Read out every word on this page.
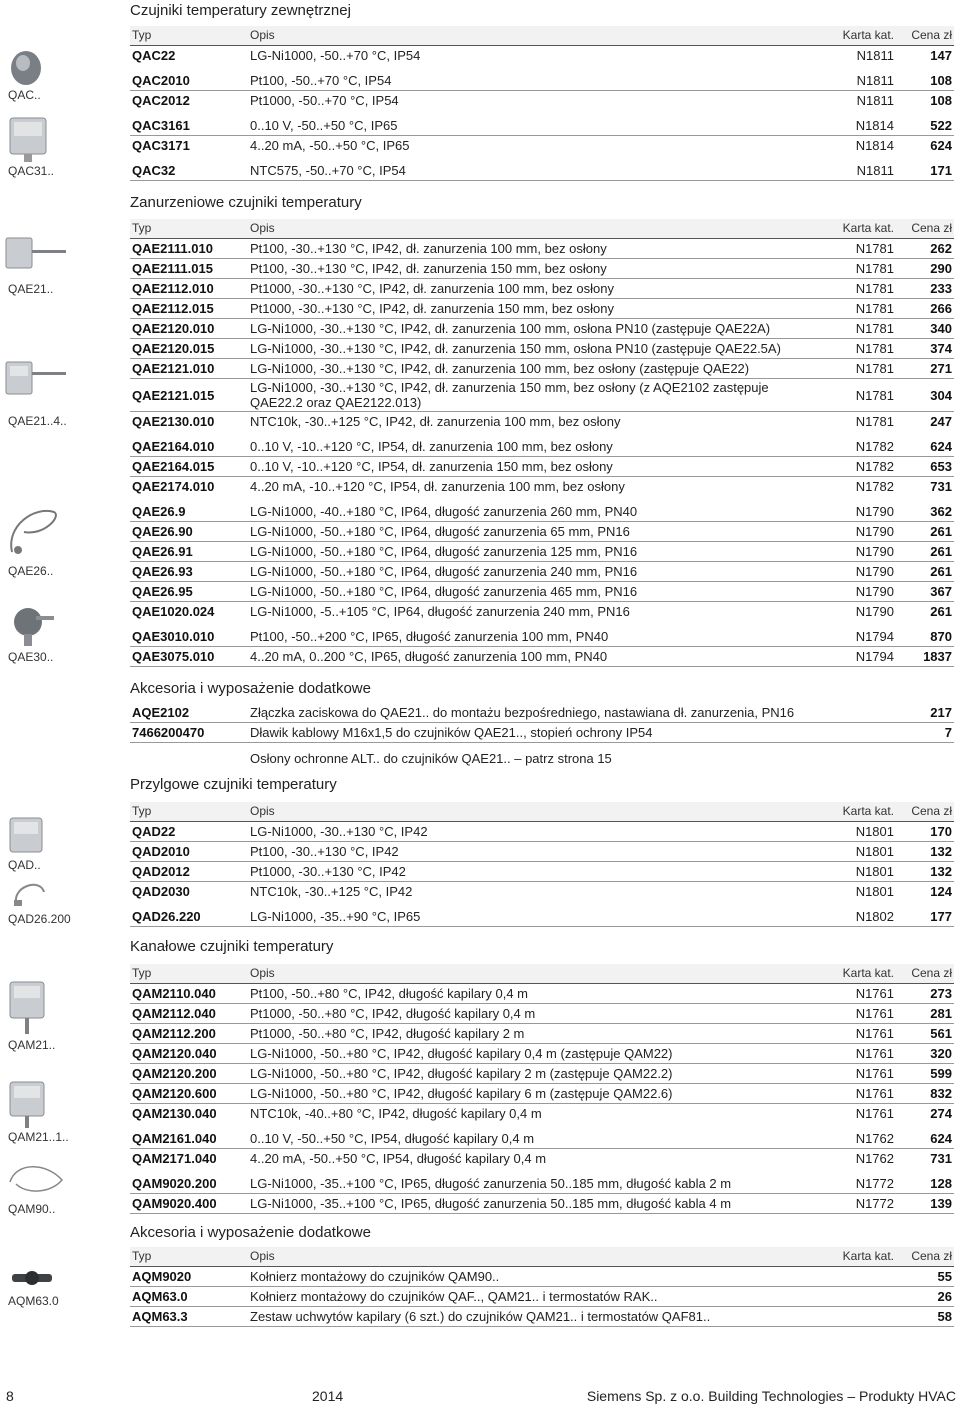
QAC..
QAC31..
QAE21..
QAE21..4..
QAE26..
QAE30..
QAD..
QAD26.200
QAM21..
QAM21..1..
QAM90..
AQM63.0
Czujniki temperatury zewnętrznej
Typ	Opis	Karta kat.	Cena zł
QAC22	LG-Ni1000, -50..+70 °C, IP54	N1811	147
QAC2010	Pt100, -50..+70 °C, IP54	N1811	108
QAC2012	Pt1000, -50..+70 °C, IP54	N1811	108
QAC3161	0..10 V, -50..+50 °C, IP65	N1814	522
QAC3171	4..20 mA, -50..+50 °C, IP65	N1814	624
QAC32	NTC575, -50..+70 °C, IP54	N1811	171
Zanurzeniowe czujniki temperatury
Typ	Opis	Karta kat.	Cena zł
QAE2111.010	Pt100, -30..+130 °C, IP42, dł. zanurzenia 100 mm, bez osłony	N1781	262
QAE2111.015	Pt100, -30..+130 °C, IP42, dł. zanurzenia 150 mm, bez osłony	N1781	290
QAE2112.010	Pt1000, -30..+130 °C, IP42, dł. zanurzenia 100 mm, bez osłony	N1781	233
QAE2112.015	Pt1000, -30..+130 °C, IP42, dł. zanurzenia 150 mm, bez osłony	N1781	266
QAE2120.010	LG-Ni1000, -30..+130 °C, IP42, dł. zanurzenia 100 mm, osłona PN10 (zastępuje QAE22A)	N1781	340
QAE2120.015	LG-Ni1000, -30..+130 °C, IP42, dł. zanurzenia 150 mm, osłona PN10 (zastępuje QAE22.5A)	N1781	374
QAE2121.010	LG-Ni1000, -30..+130 °C, IP42, dł. zanurzenia 100 mm, bez osłony (zastępuje QAE22)	N1781	271
QAE2121.015	LG-Ni1000, -30..+130 °C, IP42, dł. zanurzenia 150 mm, bez osłony (z AQE2102 zastępuje QAE22.2 oraz QAE2122.013)	N1781	304
QAE2130.010	NTC10k, -30..+125 °C, IP42, dł. zanurzenia 100 mm, bez osłony	N1781	247
QAE2164.010	0..10 V, -10..+120 °C, IP54, dł. zanurzenia 100 mm, bez osłony	N1782	624
QAE2164.015	0..10 V, -10..+120 °C, IP54, dł. zanurzenia 150 mm, bez osłony	N1782	653
QAE2174.010	4..20 mA, -10..+120 °C, IP54, dł. zanurzenia 100 mm, bez osłony	N1782	731
QAE26.9	LG-Ni1000, -40..+180 °C, IP64, długość zanurzenia 260 mm, PN40	N1790	362
QAE26.90	LG-Ni1000, -50..+180 °C, IP64, długość zanurzenia 65 mm, PN16	N1790	261
QAE26.91	LG-Ni1000, -50..+180 °C, IP64, długość zanurzenia 125 mm, PN16	N1790	261
QAE26.93	LG-Ni1000, -50..+180 °C, IP64, długość zanurzenia 240 mm, PN16	N1790	261
QAE26.95	LG-Ni1000, -50..+180 °C, IP64, długość zanurzenia 465 mm, PN16	N1790	367
QAE1020.024	LG-Ni1000, -5..+105 °C, IP64, długość zanurzenia 240 mm, PN16	N1790	261
QAE3010.010	Pt100, -50..+200 °C, IP65, długość zanurzenia 100 mm, PN40	N1794	870
QAE3075.010	4..20 mA, 0..200 °C, IP65, długość zanurzenia 100 mm, PN40	N1794	1837
Akcesoria i wyposażenie dodatkowe
AQE2102	Złączka zaciskowa do QAE21.. do montażu bezpośredniego, nastawiana dł. zanurzenia, PN16		217
7466200470	Dławik kablowy M16x1,5 do czujników QAE21.., stopień ochrony IP54		7
Osłony ochronne ALT.. do czujników QAE21.. – patrz strona 15
Przylgowe czujniki temperatury
Typ	Opis	Karta kat.	Cena zł
QAD22	LG-Ni1000, -30..+130 °C, IP42	N1801	170
QAD2010	Pt100, -30..+130 °C, IP42	N1801	132
QAD2012	Pt1000, -30..+130 °C, IP42	N1801	132
QAD2030	NTC10k, -30..+125 °C, IP42	N1801	124
QAD26.220	LG-Ni1000, -35..+90 °C, IP65	N1802	177
Kanałowe czujniki temperatury
Typ	Opis	Karta kat.	Cena zł
QAM2110.040	Pt100, -50..+80 °C, IP42, długość kapilary 0,4 m	N1761	273
QAM2112.040	Pt1000, -50..+80 °C, IP42, długość kapilary 0,4 m	N1761	281
QAM2112.200	Pt1000, -50..+80 °C, IP42, długość kapilary 2 m	N1761	561
QAM2120.040	LG-Ni1000, -50..+80 °C, IP42, długość kapilary 0,4 m (zastępuje QAM22)	N1761	320
QAM2120.200	LG-Ni1000, -50..+80 °C, IP42, długość kapilary 2 m (zastępuje QAM22.2)	N1761	599
QAM2120.600	LG-Ni1000, -50..+80 °C, IP42, długość kapilary 6 m (zastępuje QAM22.6)	N1761	832
QAM2130.040	NTC10k, -40..+80 °C, IP42, długość kapilary 0,4 m	N1761	274
QAM2161.040	0..10 V, -50..+50 °C, IP54, długość kapilary 0,4 m	N1762	624
QAM2171.040	4..20 mA, -50..+50 °C, IP54, długość kapilary 0,4 m	N1762	731
QAM9020.200	LG-Ni1000, -35..+100 °C, IP65, długość zanurzenia 50..185 mm, długość kabla 2 m	N1772	128
QAM9020.400	LG-Ni1000, -35..+100 °C, IP65, długość zanurzenia 50..185 mm, długość kabla 4 m	N1772	139
Akcesoria i wyposażenie dodatkowe
Typ	Opis	Karta kat.	Cena zł
AQM9020	Kołnierz montażowy do czujników QAM90..		55
AQM63.0	Kołnierz montażowy do czujników QAF.., QAM21.. i termostatów RAK..		26
AQM63.3	Zestaw uchwytów kapilary (6 szt.) do czujników QAM21.. i termostatów QAF81..		58
8	2014	Siemens Sp. z o.o. Building Technologies – Produkty HVAC
